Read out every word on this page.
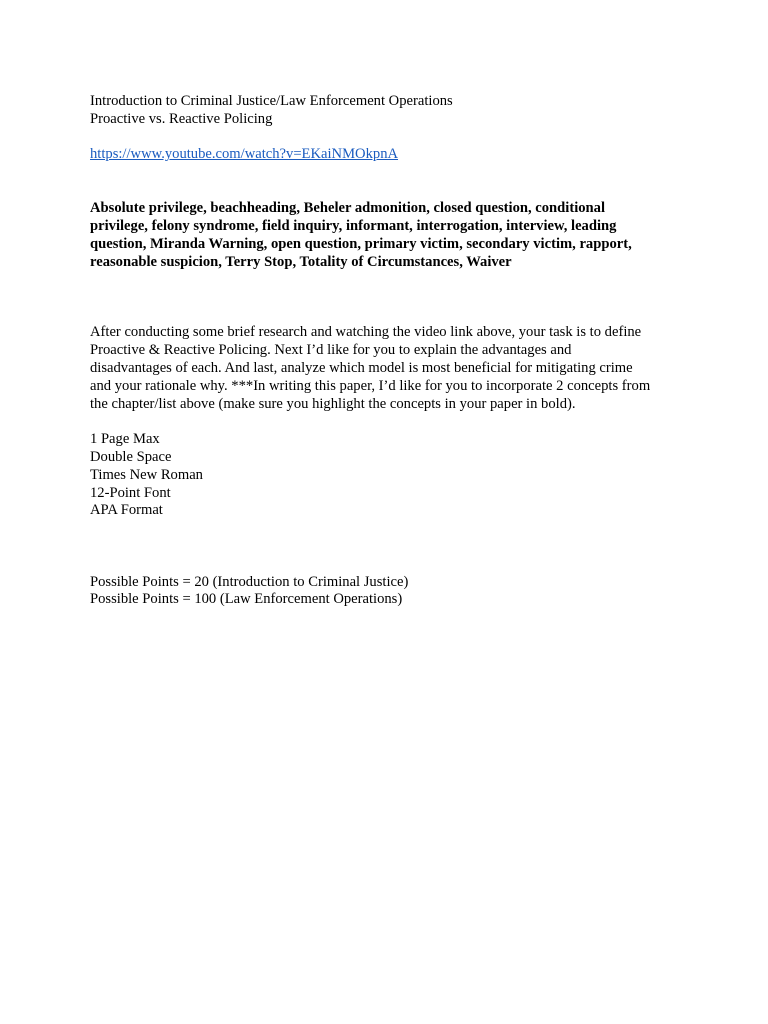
Introduction to Criminal Justice/Law Enforcement Operations
Proactive vs. Reactive Policing
https://www.youtube.com/watch?v=EKaiNMOkpnA
Absolute privilege, beachheading, Beheler admonition, closed question, conditional
privilege, felony syndrome, field inquiry, informant, interrogation, interview, leading
question, Miranda Warning, open question, primary victim, secondary victim, rapport,
reasonable suspicion, Terry Stop, Totality of Circumstances, Waiver
After conducting some brief research and watching the video link above, your task is to define
Proactive & Reactive Policing. Next I’d like for you to explain the advantages and
disadvantages of each. And last, analyze which model is most beneficial for mitigating crime
and your rationale why. ***In writing this paper, I’d like for you to incorporate 2 concepts from
the chapter/list above (make sure you highlight the concepts in your paper in bold).
1 Page Max
Double Space
Times New Roman
12-Point Font
APA Format
Possible Points = 20 (Introduction to Criminal Justice)
Possible Points = 100 (Law Enforcement Operations)
